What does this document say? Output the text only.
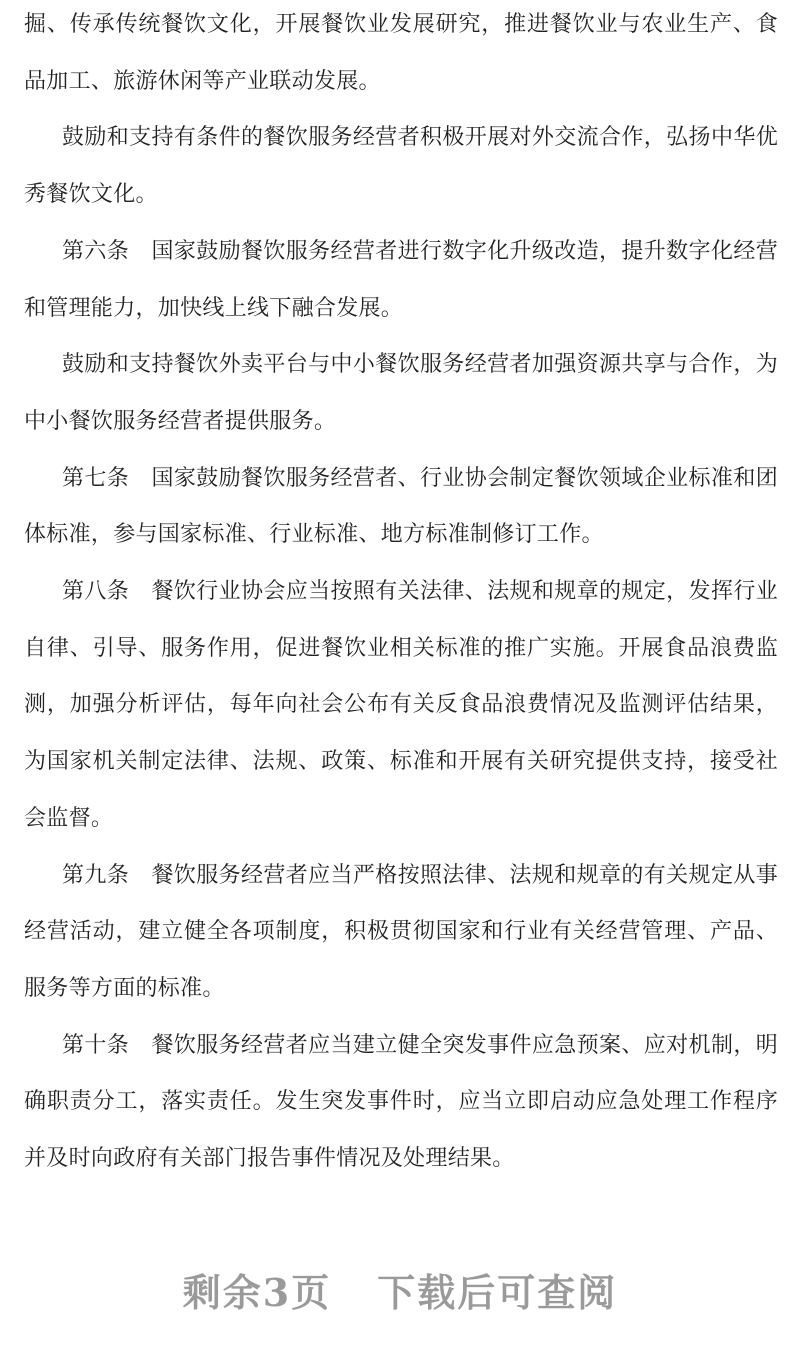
掘、传承传统餐饮文化，开展餐饮业发展研究，推进餐饮业与农业生产、食品加工、旅游休闲等产业联动发展。

鼓励和支持有条件的餐饮服务经营者积极开展对外交流合作，弘扬中华优秀餐饮文化。

第六条　国家鼓励餐饮服务经营者进行数字化升级改造，提升数字化经营和管理能力，加快线上线下融合发展。

鼓励和支持餐饮外卖平台与中小餐饮服务经营者加强资源共享与合作，为中小餐饮服务经营者提供服务。

第七条　国家鼓励餐饮服务经营者、行业协会制定餐饮领域企业标准和团体标准，参与国家标准、行业标准、地方标准制修订工作。

第八条　餐饮行业协会应当按照有关法律、法规和规章的规定，发挥行业自律、引导、服务作用，促进餐饮业相关标准的推广实施。开展食品浪费监测，加强分析评估，每年向社会公布有关反食品浪费情况及监测评估结果，为国家机关制定法律、法规、政策、标准和开展有关研究提供支持，接受社会监督。

第九条　餐饮服务经营者应当严格按照法律、法规和规章的有关规定从事经营活动，建立健全各项制度，积极贯彻国家和行业有关经营管理、产品、服务等方面的标准。

第十条　餐饮服务经营者应当建立健全突发事件应急预案、应对机制，明确职责分工，落实责任。发生突发事件时，应当立即启动应急处理工作程序并及时向政府有关部门报告事件情况及处理结果。

剩余3页 下载后可查阅
